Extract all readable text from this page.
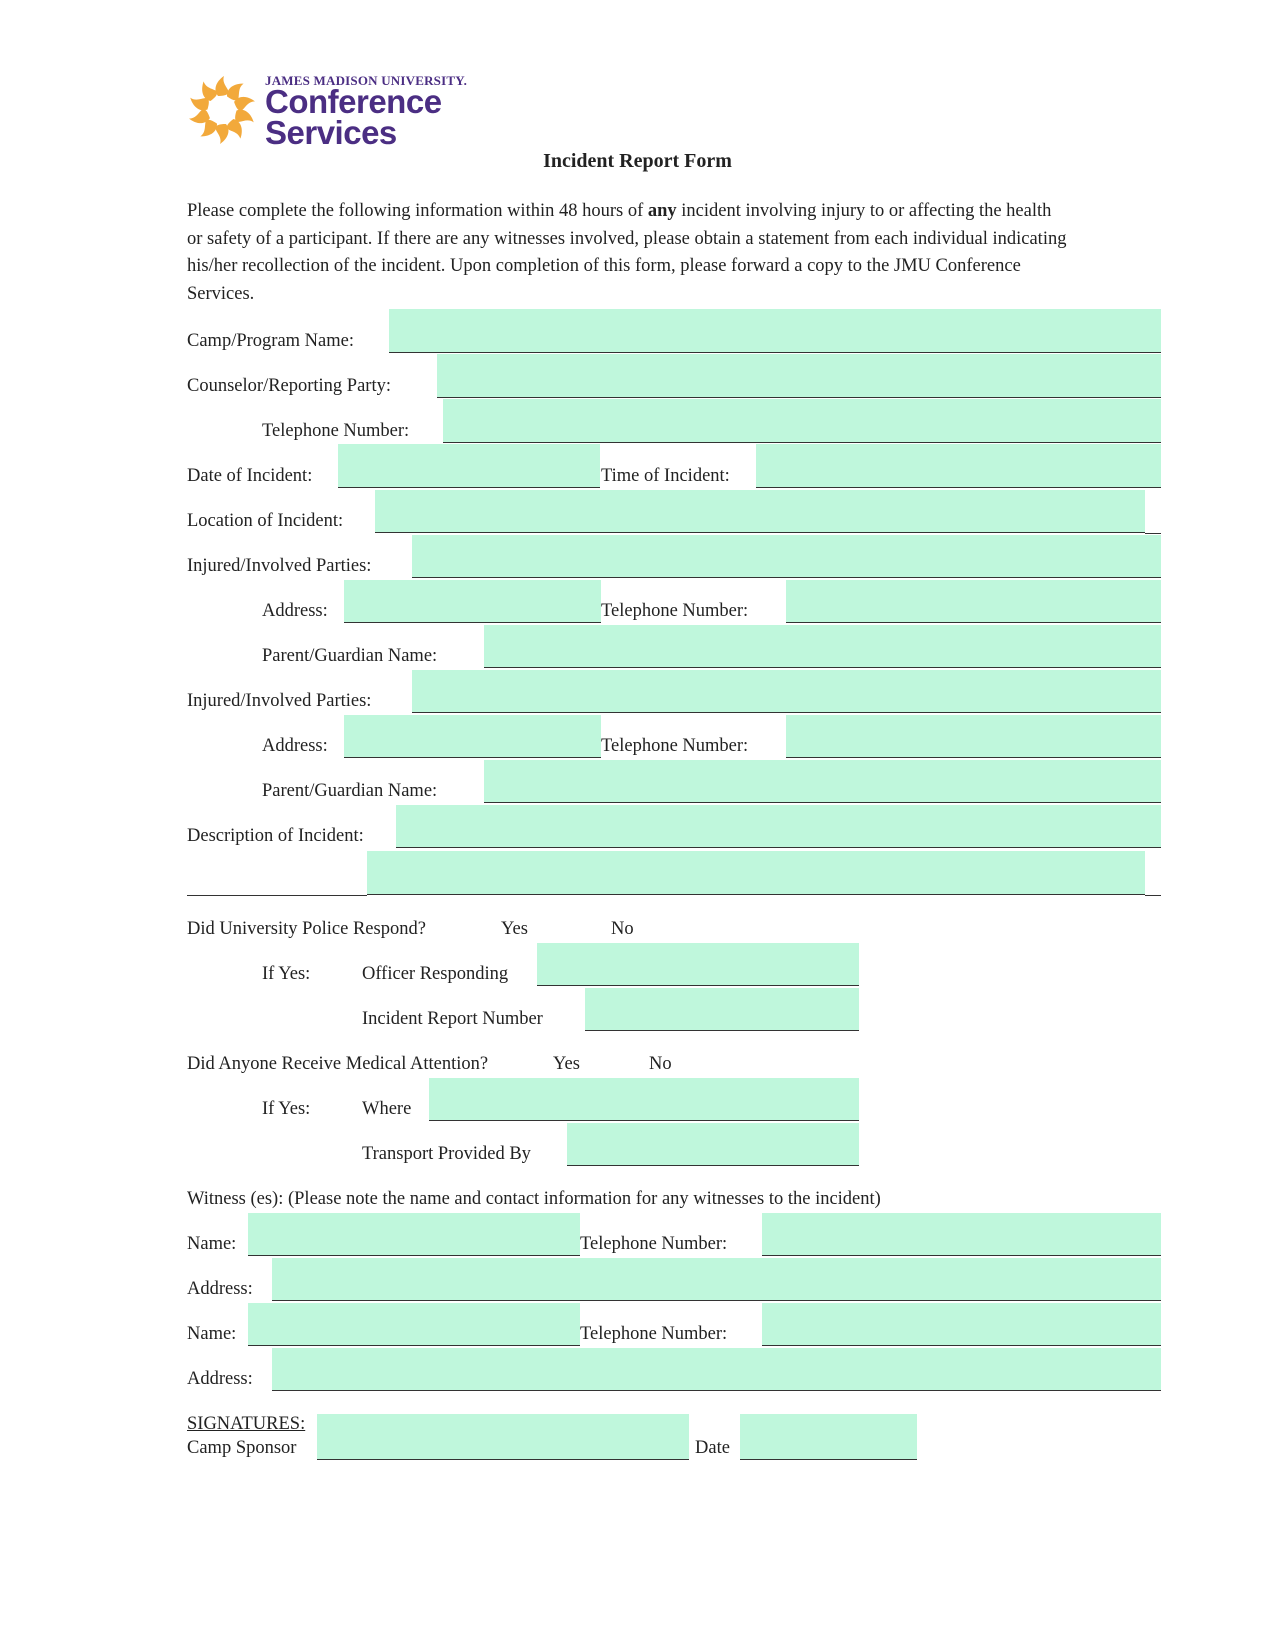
JAMES MADISON UNIVERSITY.
Conference Services
Incident Report Form
Please complete the following information within 48 hours of any incident involving injury to or affecting the health or safety of a participant. If there are any witnesses involved, please obtain a statement from each individual indicating his/her recollection of the incident. Upon completion of this form, please forward a copy to the JMU Conference Services.
Camp/Program Name:
Counselor/Reporting Party:
Telephone Number:
Date of Incident:	Time of Incident:
Location of Incident:
Injured/Involved Parties:
Address:	Telephone Number:
Parent/Guardian Name:
Injured/Involved Parties:
Address:	Telephone Number:
Parent/Guardian Name:
Description of Incident:
Did University Police Respond?	Yes	No
If Yes:	Officer Responding
Incident Report Number
Did Anyone Receive Medical Attention?	Yes	No
If Yes:	Where
Transport Provided By
Witness (es): (Please note the name and contact information for any witnesses to the incident)
Name:	Telephone Number:
Address:
Name:	Telephone Number:
Address:
SIGNATURES:
Camp Sponsor	Date
